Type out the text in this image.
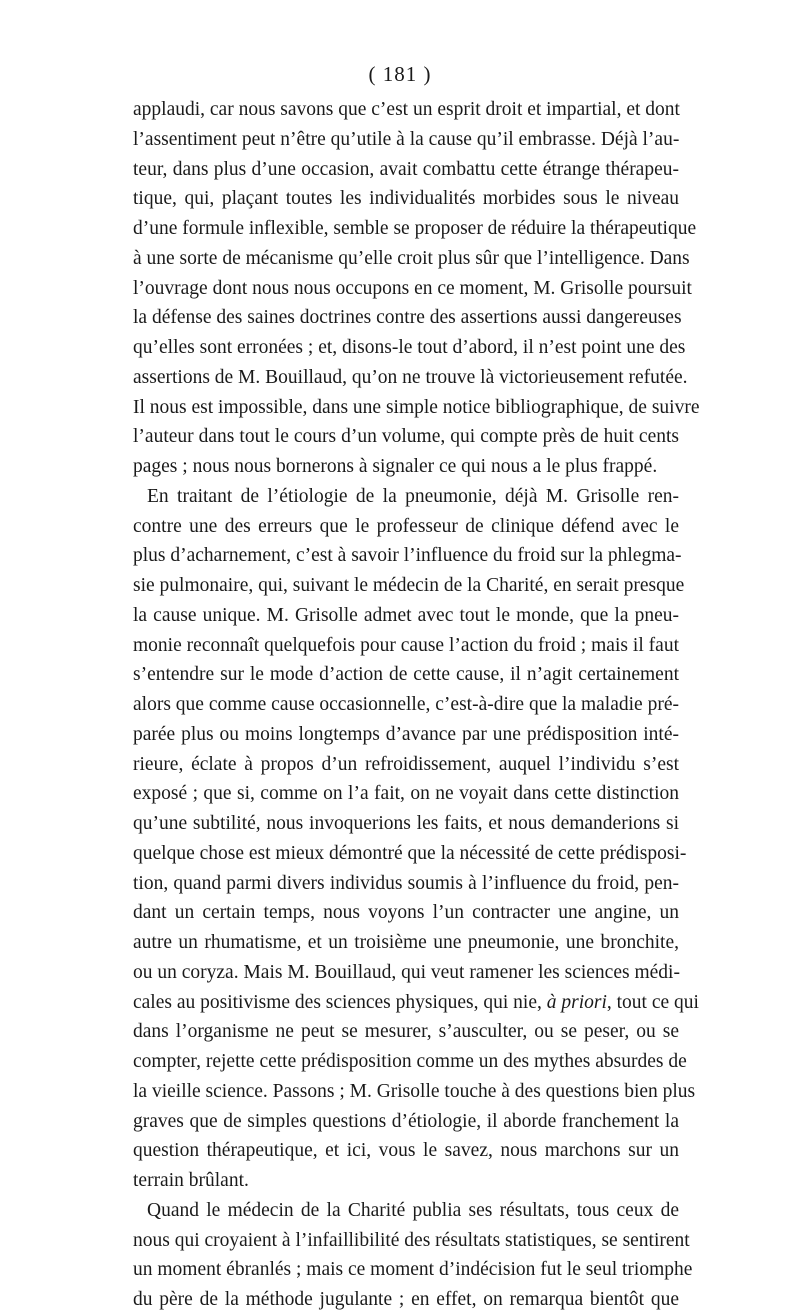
( 181 )
applaudi, car nous savons que c’est un esprit droit et impartial, et dont
l’assentiment peut n’être qu’utile à la cause qu’il embrasse. Déjà l’au-
teur, dans plus d’une occasion, avait combattu cette étrange thérapeu-
tique, qui, plaçant toutes les individualités morbides sous le niveau
d’une formule inflexible, semble se proposer de réduire la thérapeutique
à une sorte de mécanisme qu’elle croit plus sûr que l’intelligence. Dans
l’ouvrage dont nous nous occupons en ce moment, M. Grisolle poursuit
la défense des saines doctrines contre des assertions aussi dangereuses
qu’elles sont erronées ; et, disons-le tout d’abord, il n’est point une des
assertions de M. Bouillaud, qu’on ne trouve là victorieusement refutée.
Il nous est impossible, dans une simple notice bibliographique, de suivre
l’auteur dans tout le cours d’un volume, qui compte près de huit cents
pages ; nous nous bornerons à signaler ce qui nous a le plus frappé.
En traitant de l’étiologie de la pneumonie, déjà M. Grisolle ren-
contre une des erreurs que le professeur de clinique défend avec le
plus d’acharnement, c’est à savoir l’influence du froid sur la phlegma-
sie pulmonaire, qui, suivant le médecin de la Charité, en serait presque
la cause unique. M. Grisolle admet avec tout le monde, que la pneu-
monie reconnaît quelquefois pour cause l’action du froid ; mais il faut
s’entendre sur le mode d’action de cette cause, il n’agit certainement
alors que comme cause occasionnelle, c’est-à-dire que la maladie pré-
parée plus ou moins longtemps d’avance par une prédisposition inté-
rieure, éclate à propos d’un refroidissement, auquel l’individu s’est
exposé ; que si, comme on l’a fait, on ne voyait dans cette distinction
qu’une subtilité, nous invoquerions les faits, et nous demanderions si
quelque chose est mieux démontré que la nécessité de cette prédisposi-
tion, quand parmi divers individus soumis à l’influence du froid, pen-
dant un certain temps, nous voyons l’un contracter une angine, un
autre un rhumatisme, et un troisième une pneumonie, une bronchite,
ou un coryza. Mais M. Bouillaud, qui veut ramener les sciences médi-
cales au positivisme des sciences physiques, qui nie, à priori, tout ce qui
dans l’organisme ne peut se mesurer, s’ausculter, ou se peser, ou se
compter, rejette cette prédisposition comme un des mythes absurdes de
la vieille science. Passons ; M. Grisolle touche à des questions bien plus
graves que de simples questions d’étiologie, il aborde franchement la
question thérapeutique, et ici, vous le savez, nous marchons sur un
terrain brûlant.
Quand le médecin de la Charité publia ses résultats, tous ceux de
nous qui croyaient à l’infaillibilité des résultats statistiques, se sentirent
un moment ébranlés ; mais ce moment d’indécision fut le seul triomphe
du père de la méthode jugulante ; en effet, on remarqua bientôt que
